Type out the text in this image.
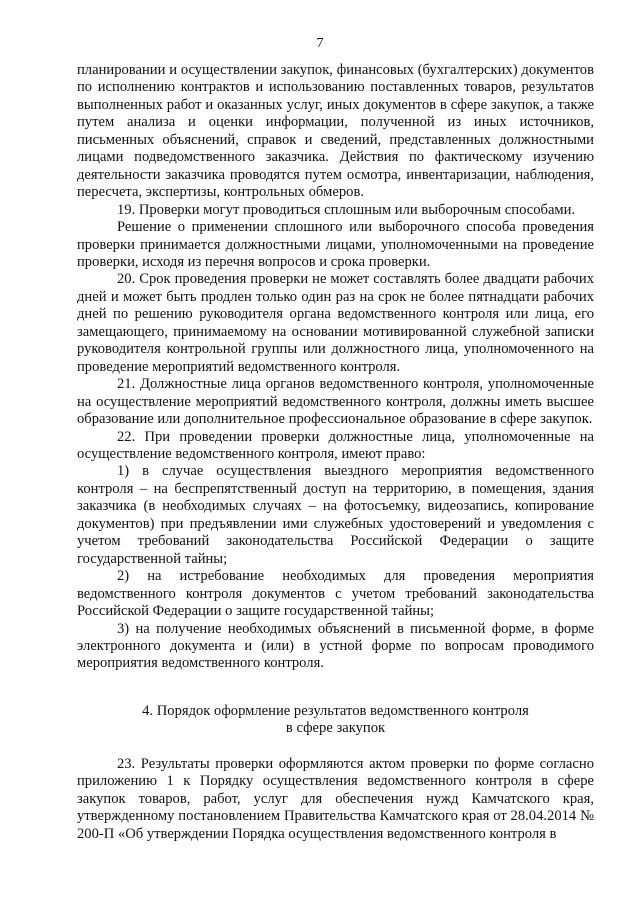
7

планировании и осуществлении закупок, финансовых (бухгалтерских) документов по исполнению контрактов и использованию поставленных товаров, результатов выполненных работ и оказанных услуг, иных документов в сфере закупок, а также путем анализа и оценки информации, полученной из иных источников, письменных объяснений, справок и сведений, представленных должностными лицами подведомственного заказчика. Действия по фактическому изучению деятельности заказчика проводятся путем осмотра, инвентаризации, наблюдения, пересчета, экспертизы, контрольных обмеров.

19. Проверки могут проводиться сплошным или выборочным способами.

Решение о применении сплошного или выборочного способа проведения проверки принимается должностными лицами, уполномоченными на проведение проверки, исходя из перечня вопросов и срока проверки.

20. Срок проведения проверки не может составлять более двадцати рабочих дней и может быть продлен только один раз на срок не более пятнадцати рабочих дней по решению руководителя органа ведомственного контроля или лица, его замещающего, принимаемому на основании мотивированной служебной записки руководителя контрольной группы или должностного лица, уполномоченного на проведение мероприятий ведомственного контроля.

21. Должностные лица органов ведомственного контроля, уполномоченные на осуществление мероприятий ведомственного контроля, должны иметь высшее образование или дополнительное профессиональное образование в сфере закупок.

22. При проведении проверки должностные лица, уполномоченные на осуществление ведомственного контроля, имеют право:

1) в случае осуществления выездного мероприятия ведомственного контроля – на беспрепятственный доступ на территорию, в помещения, здания заказчика (в необходимых случаях – на фотосъемку, видеозапись, копирование документов) при предъявлении ими служебных удостоверений и уведомления с учетом требований законодательства Российской Федерации о защите государственной тайны;

2) на истребование необходимых для проведения мероприятия ведомственного контроля документов с учетом требований законодательства Российской Федерации о защите государственной тайны;

3) на получение необходимых объяснений в письменной форме, в форме электронного документа и (или) в устной форме по вопросам проводимого мероприятия ведомственного контроля.

4. Порядок оформление результатов ведомственного контроля
в сфере закупок

23. Результаты проверки оформляются актом проверки по форме согласно приложению 1 к Порядку осуществления ведомственного контроля в сфере закупок товаров, работ, услуг для обеспечения нужд Камчатского края, утвержденному постановлением Правительства Камчатского края от 28.04.2014 № 200-П «Об утверждении Порядка осуществления ведомственного контроля в
